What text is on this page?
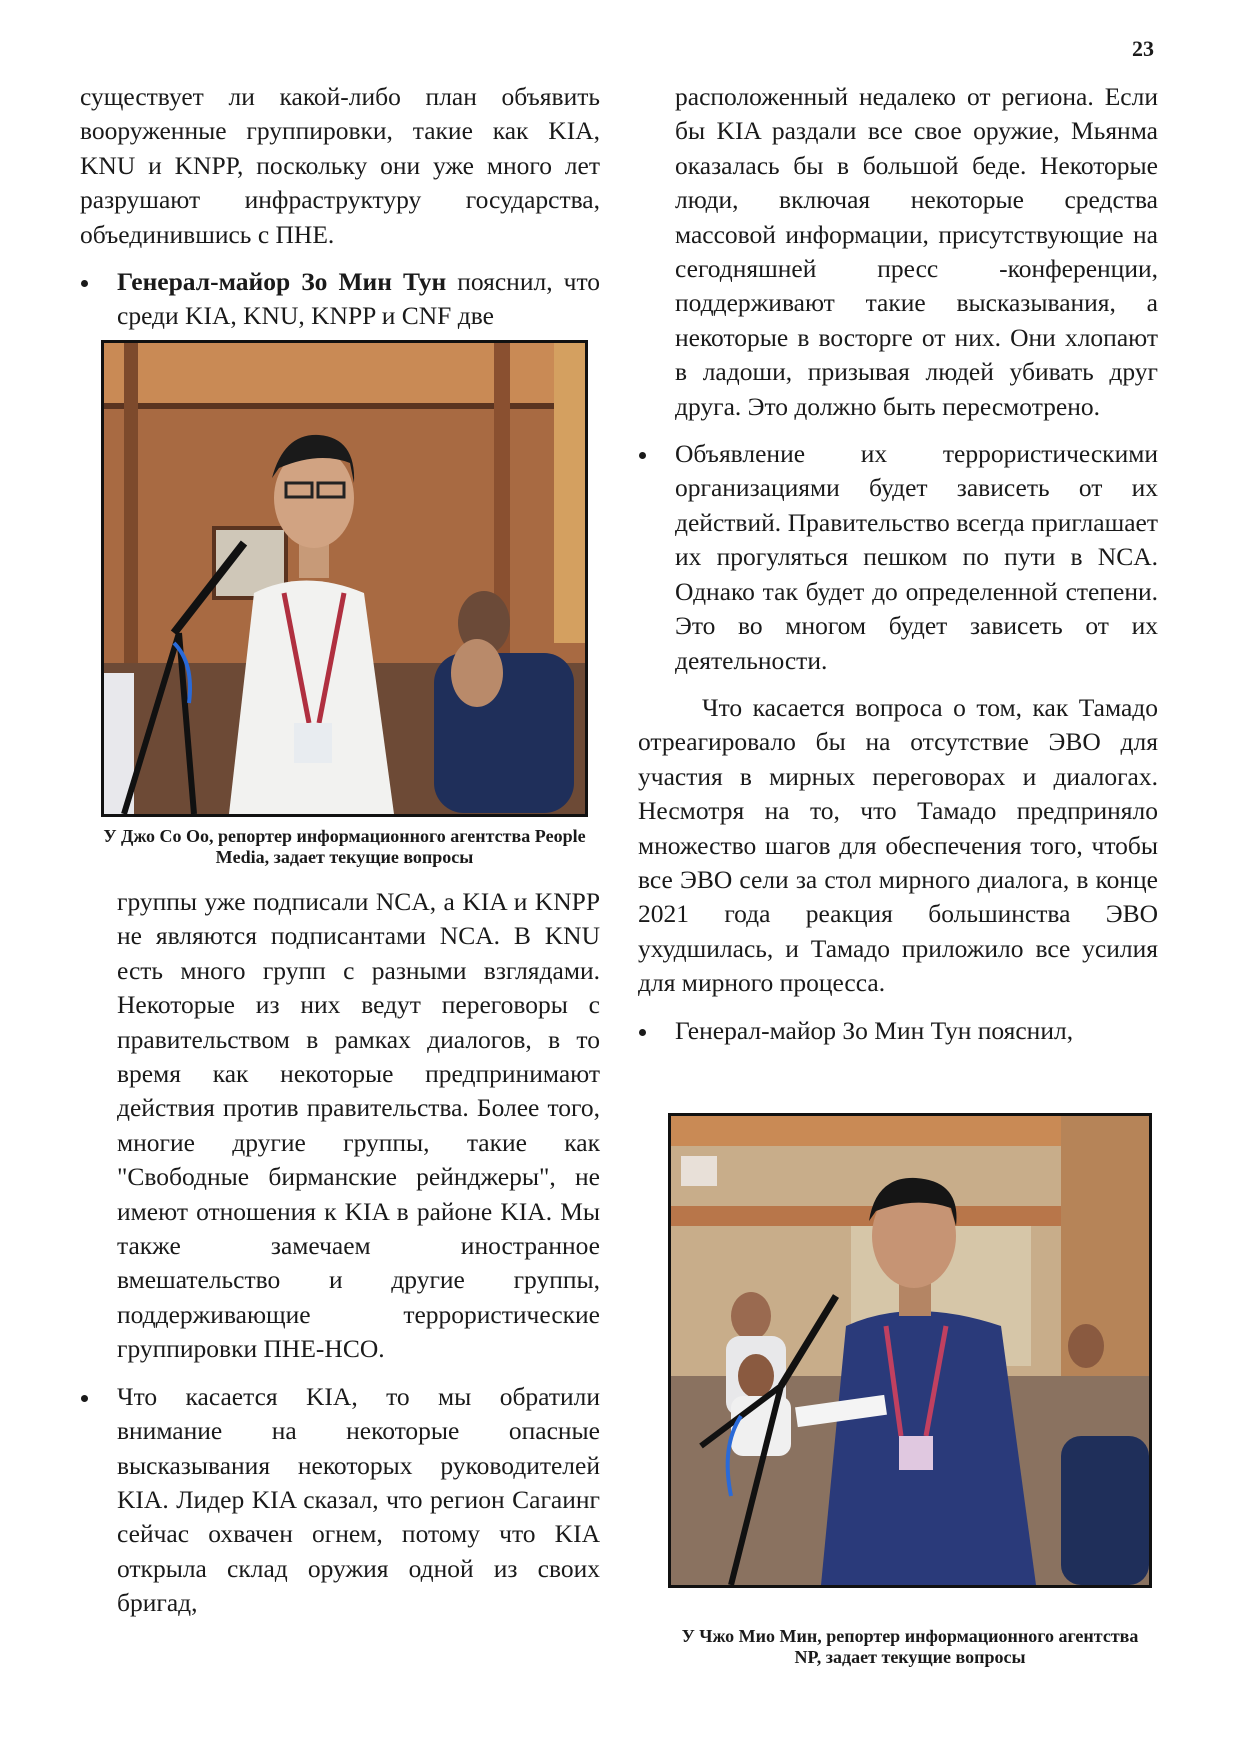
23

существует ли какой-либо план объявить вооруженные группировки, такие как KIA, KNU и KNPP, поскольку они уже много лет разрушают инфраструктуру государства, объединившись с ПНЕ.

Генерал-майор Зо Мин Тун пояснил, что среди KIA, KNU, KNPP и CNF две

У Джо Со Оо, репортер информационного агентства People Media, задает текущие вопросы

группы уже подписали NCA, а KIA и KNPP не являются подписантами NCA. В KNU есть много групп с разными взглядами. Некоторые из них ведут переговоры с правительством в рамках диалогов, в то время как некоторые предпринимают действия против правительства. Более того, многие другие группы, такие как "Свободные бирманские рейнджеры", не имеют отношения к KIA в районе KIA. Мы также замечаем иностранное вмешательство и другие группы, поддерживающие террористические группировки ПНЕ-НСО.

Что касается KIA, то мы обратили внимание на некоторые опасные высказывания некоторых руководителей KIA. Лидер KIA сказал, что регион Сагаинг сейчас охвачен огнем, потому что KIA открыла склад оружия одной из своих бригад,

расположенный недалеко от региона. Если бы KIA раздали все свое оружие, Мьянма оказалась бы в большой беде. Некоторые люди, включая некоторые средства массовой информации, присутствующие на сегодняшней пресс -конференции, поддерживают такие высказывания, а некоторые в восторге от них. Они хлопают в ладоши, призывая людей убивать друг друга. Это должно быть пересмотрено.

Объявление их террористическими организациями будет зависеть от их действий. Правительство всегда приглашает их прогуляться пешком по пути в NCA. Однако так будет до определенной степени. Это во многом будет зависеть от их деятельности.

Что касается вопроса о том, как Тамадо отреагировало бы на отсутствие ЭВО для участия в мирных переговорах и диалогах. Несмотря на то, что Тамадо предприняло множество шагов для обеспечения того, чтобы все ЭВО сели за стол мирного диалога, в конце 2021 года реакция большинства ЭВО ухудшилась, и Тамадо приложило все усилия для мирного процесса.

Генерал-майор Зо Мин Тун пояснил,

У Чжо Мио Мин, репортер информационного агентства NP, задает текущие вопросы
